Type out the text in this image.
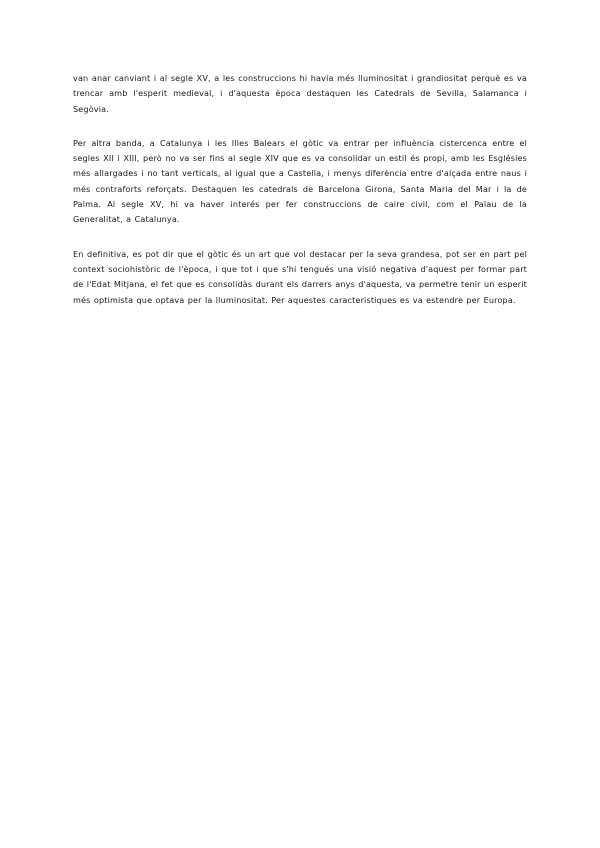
van anar canviant i al segle XV, a les construccions hi havia més lluminositat i grandiositat perquè es va trencar amb l'esperit medieval, i d'aquesta època destaquen les Catedrals de Sevilla, Salamanca i Segòvia.

Per altra banda, a Catalunya i les Illes Balears el gòtic va entrar per influència cistercenca entre el segles XII i XIII, però no va ser fins al segle XIV que es va consolidar un estil és propi, amb les Esglésies més allargades i no tant verticals, al igual que a Castella, i menys diferència entre d'alçada entre naus i més contraforts reforçats. Destaquen les catedrals de Barcelona Girona, Santa Maria del Mar i la de Palma. Al segle XV, hi va haver interés per fer construccions de caire civil, com el Palau de la Generalitat, a Catalunya.

En definitiva, es pot dir que el gòtic és un art que vol destacar per la seva grandesa, pot ser en part pel context sociohistòric de l'època, i que tot i que s'hi tengués una visió negativa d'aquest per formar part de l'Edat Mitjana, el fet que es consolidàs durant els darrers anys d'aquesta, va permetre tenir un esperit més optimista que optava per la lluminositat. Per aquestes caracteristiques es va estendre per Europa.
